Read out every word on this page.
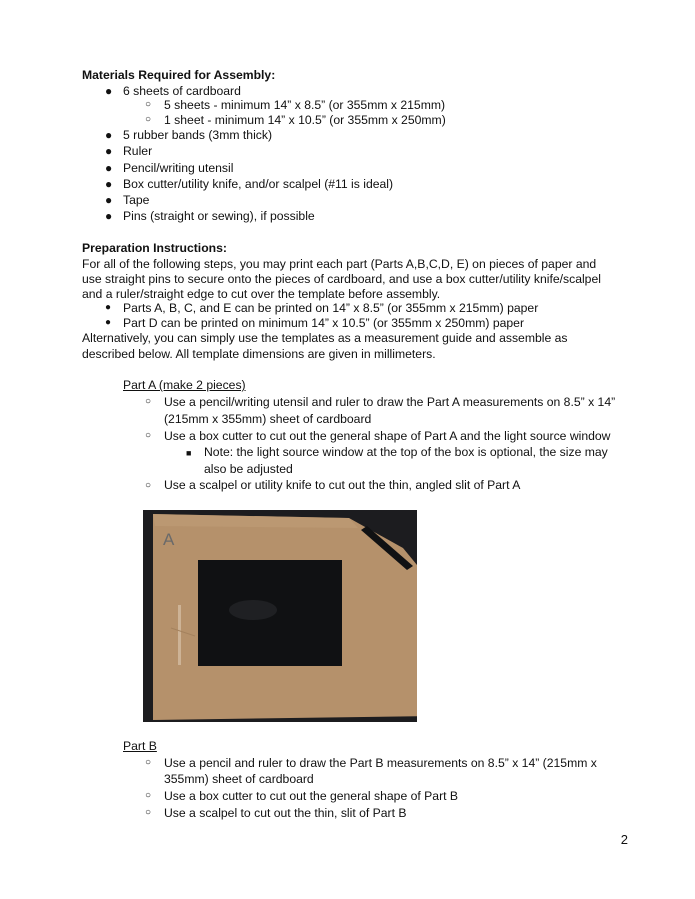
Materials Required for Assembly:
● 6 sheets of cardboard
○ 5 sheets - minimum 14” x 8.5” (or 355mm x 215mm)
○ 1 sheet - minimum 14” x 10.5” (or 355mm x 250mm)
● 5 rubber bands (3mm thick)
● Ruler
● Pencil/writing utensil
● Box cutter/utility knife, and/or scalpel (#11 is ideal)
● Tape
● Pins (straight or sewing), if possible
Preparation Instructions:
For all of the following steps, you may print each part (Parts A,B,C,D, E) on pieces of paper and
use straight pins to secure onto the pieces of cardboard, and use a box cutter/utility knife/scalpel
and a ruler/straight edge to cut over the template before assembly.
● Parts A, B, C, and E can be printed on 14” x 8.5” (or 355mm x 215mm) paper
● Part D can be printed on minimum 14” x 10.5” (or 355mm x 250mm) paper
Alternatively, you can simply use the templates as a measurement guide and assemble as
described below. All template dimensions are given in millimeters.
Part A (make 2 pieces)
○ Use a pencil/writing utensil and ruler to draw the Part A measurements on 8.5” x 14”
(215mm x 355mm) sheet of cardboard
○ Use a box cutter to cut out the general shape of Part A and the light source window
■ Note: the light source window at the top of the box is optional, the size may
also be adjusted
○ Use a scalpel or utility knife to cut out the thin, angled slit of Part A
A
Part B
○ Use a pencil and ruler to draw the Part B measurements on 8.5” x 14” (215mm x
355mm) sheet of cardboard
○ Use a box cutter to cut out the general shape of Part B
○ Use a scalpel to cut out the thin, slit of Part B
2
